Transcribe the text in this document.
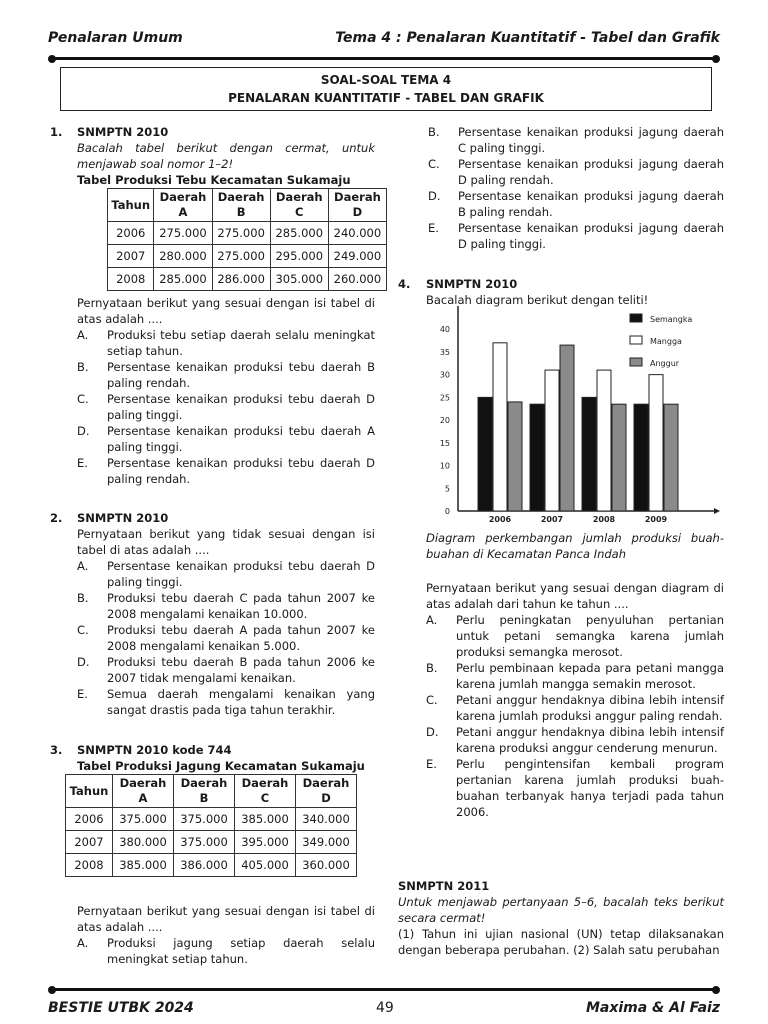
Penalaran Umum	Tema 4 : Penalaran Kuantitatif - Tabel dan Grafik
SOAL-SOAL TEMA 4
PENALARAN KUANTITATIF - TABEL DAN GRAFIK
1. SNMPTN 2010
Bacalah tabel berikut dengan cermat, untuk menjawab soal nomor 1–2!
Tabel Produksi Tebu Kecamatan Sukamaju
Tahun	Daerah A	Daerah B	Daerah C	Daerah D
2006	275.000	275.000	285.000	240.000
2007	280.000	275.000	295.000	249.000
2008	285.000	286.000	305.000	260.000
Pernyataan berikut yang sesuai dengan isi tabel di atas adalah ....
A. Produksi tebu setiap daerah selalu meningkat setiap tahun.
B. Persentase kenaikan produksi tebu daerah B paling rendah.
C. Persentase kenaikan produksi tebu daerah D paling tinggi.
D. Persentase kenaikan produksi tebu daerah A paling tinggi.
E. Persentase kenaikan produksi tebu daerah D paling rendah.
2. SNMPTN 2010
Pernyataan berikut yang tidak sesuai dengan isi tabel di atas adalah ....
A. Persentase kenaikan produksi tebu daerah D paling tinggi.
B. Produksi tebu daerah C pada tahun 2007 ke 2008 mengalami kenaikan 10.000.
C. Produksi tebu daerah A pada tahun 2007 ke 2008 mengalami kenaikan 5.000.
D. Produksi tebu daerah B pada tahun 2006 ke 2007 tidak mengalami kenaikan.
E. Semua daerah mengalami kenaikan yang sangat drastis pada tiga tahun terakhir.
3. SNMPTN 2010 kode 744
Tabel Produksi Jagung Kecamatan Sukamaju
Tahun	Daerah A	Daerah B	Daerah C	Daerah D
2006	375.000	375.000	385.000	340.000
2007	380.000	375.000	395.000	349.000
2008	385.000	386.000	405.000	360.000
Pernyataan berikut yang sesuai dengan isi tabel di atas adalah ....
A. Produksi jagung setiap daerah selalu meningkat setiap tahun.
B. Persentase kenaikan produksi jagung daerah C paling tinggi.
C. Persentase kenaikan produksi jagung daerah D paling rendah.
D. Persentase kenaikan produksi jagung daerah B paling rendah.
E. Persentase kenaikan produksi jagung daerah D paling tinggi.
4. SNMPTN 2010
Bacalah diagram berikut dengan teliti!
0
5
10
15
20
25
30
35
40
2006	2007	2008	2009
Semangka
Mangga
Anggur
Diagram perkembangan jumlah produksi buah-buahan di Kecamatan Panca Indah
Pernyataan berikut yang sesuai dengan diagram di atas adalah dari tahun ke tahun ....
A. Perlu peningkatan penyuluhan pertanian untuk petani semangka karena jumlah produksi semangka merosot.
B. Perlu pembinaan kepada para petani mangga karena jumlah mangga semakin merosot.
C. Petani anggur hendaknya dibina lebih intensif karena jumlah produksi anggur paling rendah.
D. Petani anggur hendaknya dibina lebih intensif karena produksi anggur cenderung menurun.
E. Perlu pengintensifan kembali program pertanian karena jumlah produksi buah-buahan terbanyak hanya terjadi pada tahun 2006.
SNMPTN 2011
Untuk menjawab pertanyaan 5–6, bacalah teks berikut secara cermat!
(1) Tahun ini ujian nasional (UN) tetap dilaksanakan dengan beberapa perubahan. (2) Salah satu perubahan
BESTIE UTBK 2024	49	Maxima & Al Faiz
